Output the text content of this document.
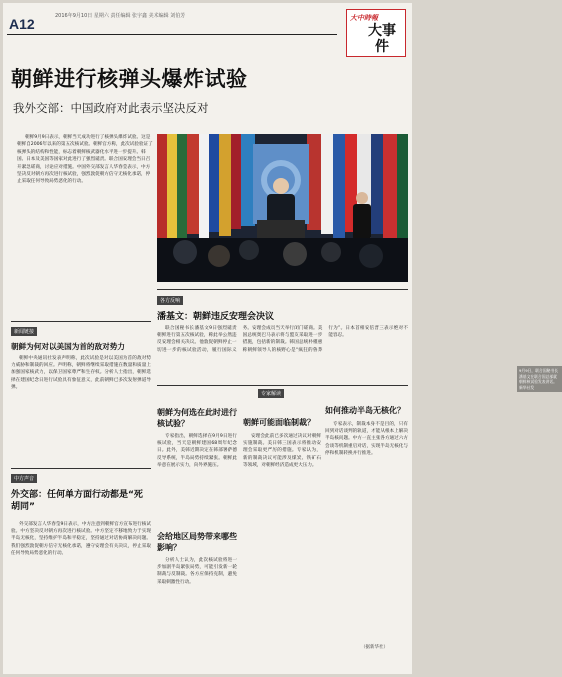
A12	2016年9月10日 星期六 责任编辑 张宇鑫 美术编辑 刘伯芳	大中時報
大事件
朝鲜进行核弹头爆炸试验
我外交部：中国政府对此表示坚决反对

朝鲜9月9日表示，朝鲜当天成功进行了核弹头爆炸试验。这是朝鲜自2006年以来的第五次核试验。朝鲜官方称，此次试验验证了核弹头的结构和性能，标志着朝鲜核武器化水平进一步提升。韩国、日本及美国等国家对此进行了强烈谴责。联合国安理会当日召开紧急磋商，讨论应对措施。中国外交部发言人华春莹表示，中方坚决反对朝方再次进行核试验，强烈敦促朝方信守无核化承诺，停止采取任何导致局势恶化的行动。

9月9日，联合国秘书长潘基文在联合国总部就朝鲜核试验发表讲话。新华社发
各方反响
潘基文：朝鲜违反安理会决议

联合国秘书长潘基文9日强烈谴责朝鲜进行第五次核试验，称此举公然违反安理会相关决议。他敦促朝鲜停止一切进一步的核试验活动，履行国际义务。安理会成员当天举行闭门磋商。美国总统奥巴马表示将与盟友采取进一步措施，包括新的制裁。韩国总统朴槿惠称朝鲜领导人的核野心是“疯狂的鲁莽行为”。日本首相安倍晋三表示绝对不能容忍。

新闻链接
朝鲜为何对以美国为首的敌对势力

朝鲜中央通讯社发表声明称，此次试验是对以美国为首的敌对势力威胁和制裁的回应。声明称，朝鲜将继续采取措施在数量和质量上加强国家核武力，以保卫国家尊严和生存权。分析人士指出，朝鲜选择在建国纪念日进行试验具有象征意义，此前朝鲜已多次发射弹道导弹。

中方声音
外交部：任何单方面行动都是“死胡同”

外交部发言人华春莹9日表示，中方注意到朝鲜官方宣布进行核试验。中方坚决反对朝方再次进行核试验。中方坚定不移地致力于实现半岛无核化，坚持维护半岛和平稳定，坚持通过对话协商解决问题。我们强烈敦促朝方信守无核化承诺，遵守安理会有关决议，停止采取任何导致局势恶化的行动。

专家解读
朝鲜为何选在此时进行核试验？

专家指出，朝鲜选择在9月9日进行核试验，当天是朝鲜建国68周年纪念日。此外，美韩近期决定在韩部署萨德反导系统，半岛局势持续紧张。朝鲜此举意在展示实力，向外界施压。

会给地区局势带来哪些影响？

分析人士认为，此次核试验将进一步加剧半岛紧张局势，可能引发新一轮制裁与反制裁。各方应保持克制，避免采取刺激性行动。

朝鲜可能面临制裁？

安理会此前已多次通过决议对朝鲜实施制裁。美日韩三国表示将推动安理会采取更严厉的措施。专家认为，新的制裁决议可能涉及煤炭、铁矿石等领域，对朝鲜经济造成更大压力。

如何推动半岛无核化？

专家表示，制裁本身不是目的，只有回到对话谈判的轨道，才能从根本上解决半岛核问题。中方一直主张各方通过六方会谈等机制重启对话，实现半岛无核化与停和机制转换并行推进。

（据新华社）
